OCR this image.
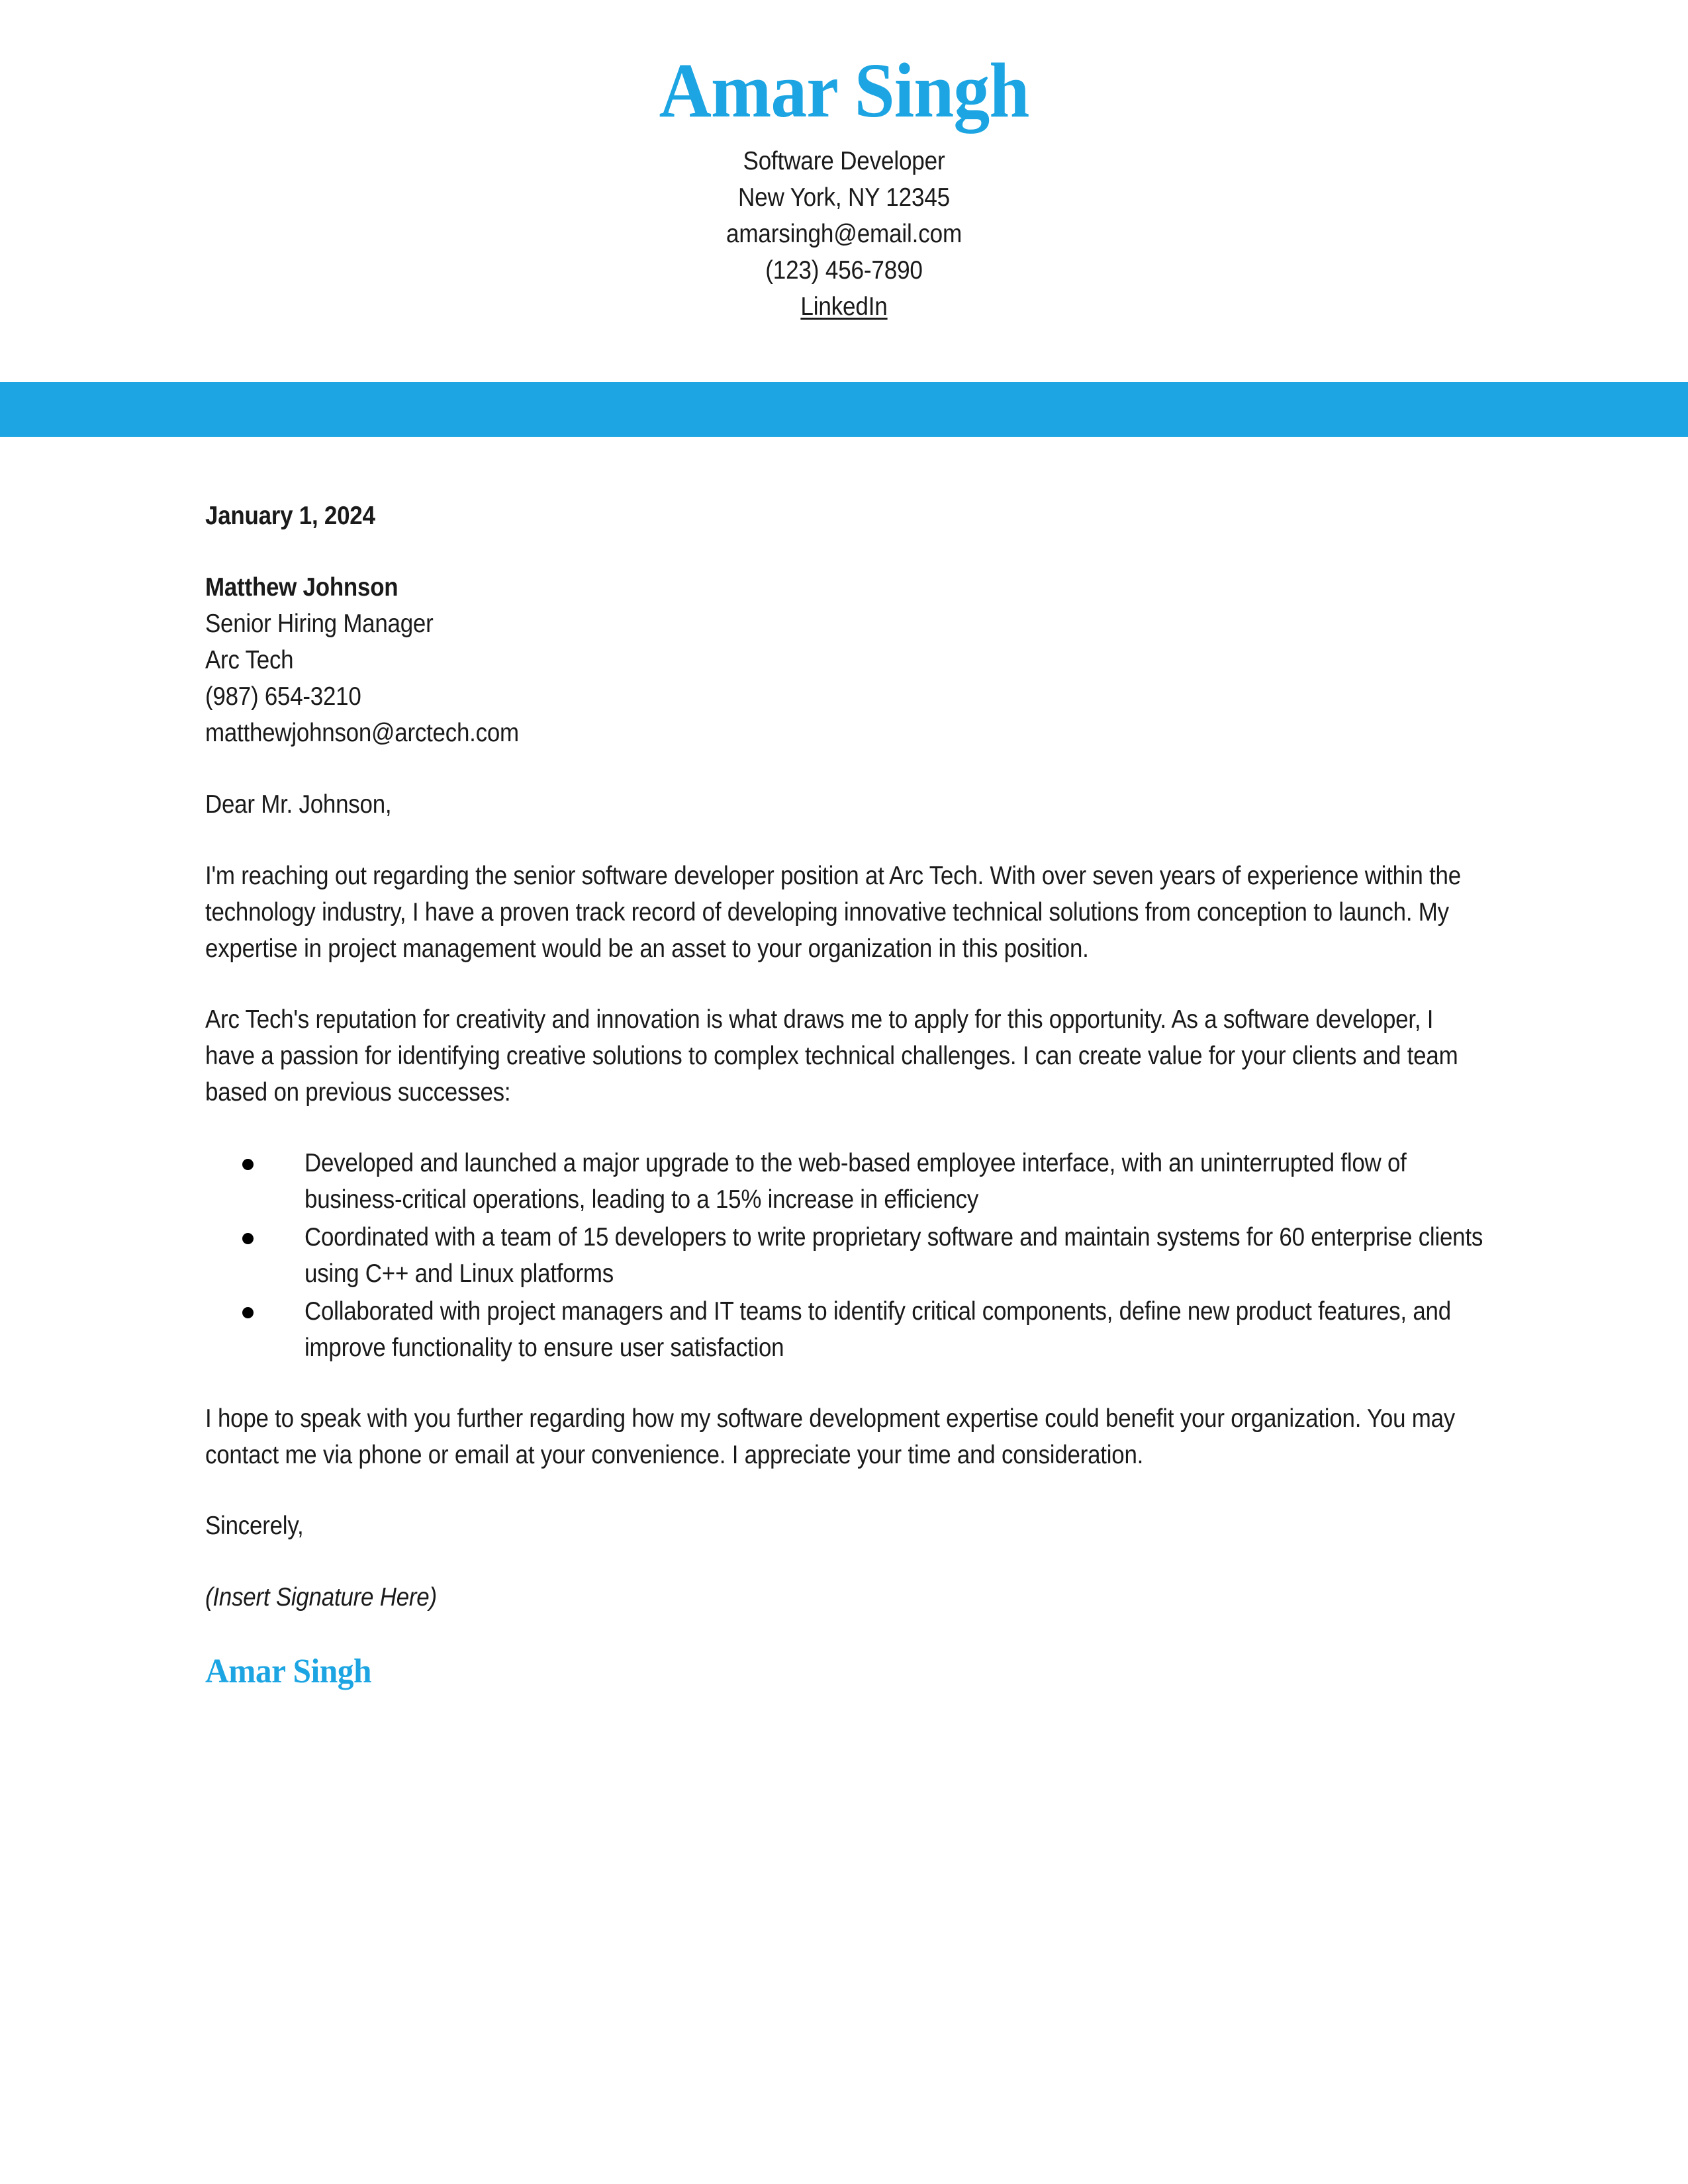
Amar Singh
Software Developer
New York, NY 12345
amarsingh@email.com
(123) 456-7890
LinkedIn
January 1, 2024
Matthew Johnson
Senior Hiring Manager
Arc Tech
(987) 654-3210
matthewjohnson@arctech.com

Dear Mr. Johnson,

I'm reaching out regarding the senior software developer position at Arc Tech. With over seven years of experience within the technology industry, I have a proven track record of developing innovative technical solutions from conception to launch. My expertise in project management would be an asset to your organization in this position.

Arc Tech's reputation for creativity and innovation is what draws me to apply for this opportunity. As a software developer, I have a passion for identifying creative solutions to complex technical challenges. I can create value for your clients and team based on previous successes:

Developed and launched a major upgrade to the web-based employee interface, with an uninterrupted flow of business-critical operations, leading to a 15% increase in efficiency
Coordinated with a team of 15 developers to write proprietary software and maintain systems for 60 enterprise clients using C++ and Linux platforms
Collaborated with project managers and IT teams to identify critical components, define new product features, and improve functionality to ensure user satisfaction

I hope to speak with you further regarding how my software development expertise could benefit your organization. You may contact me via phone or email at your convenience. I appreciate your time and consideration.

Sincerely,

(Insert Signature Here)

Amar Singh
